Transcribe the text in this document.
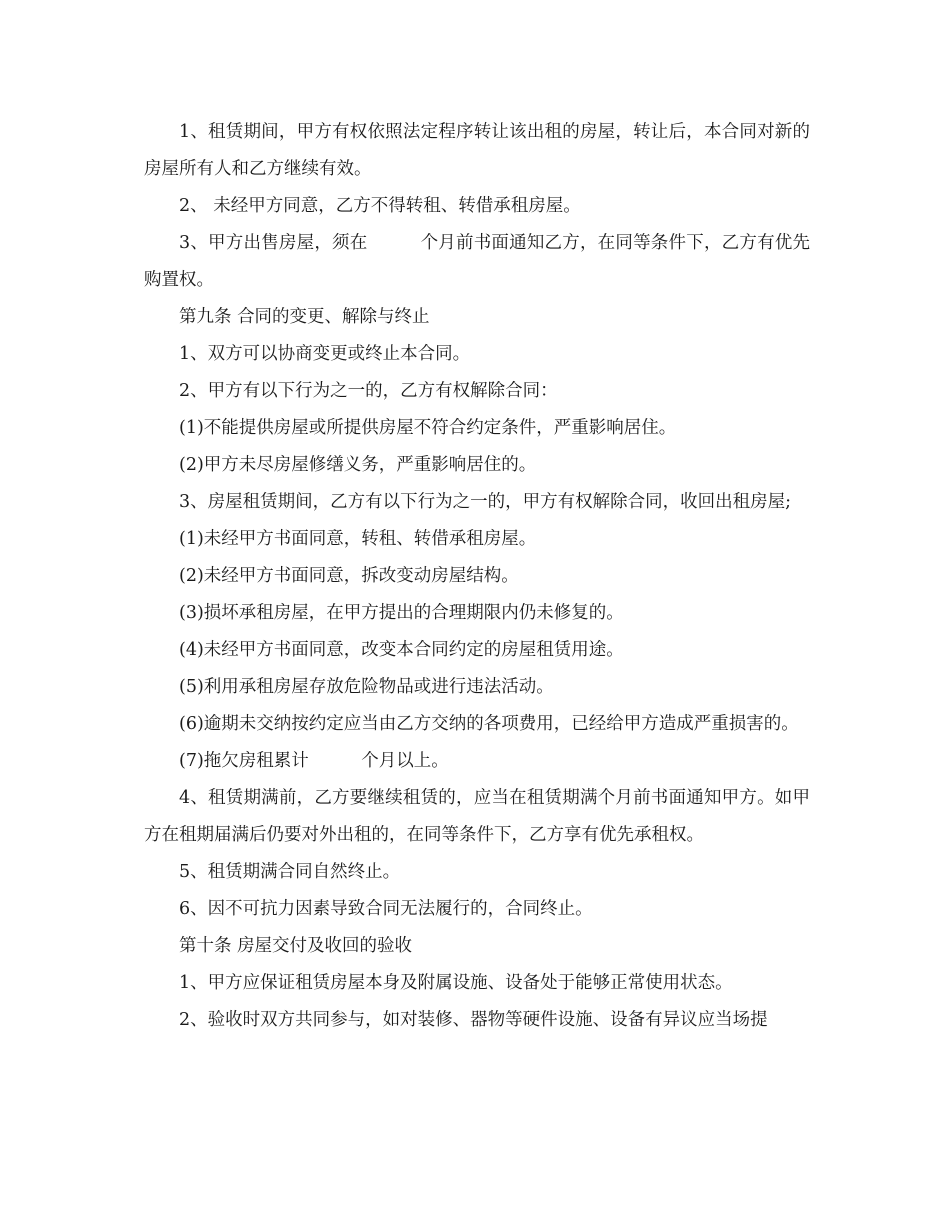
1、租赁期间，甲方有权依照法定程序转让该出租的房屋，转让后，本合同对新的房屋所有人和乙方继续有效。

2、 未经甲方同意，乙方不得转租、转借承租房屋。

3、甲方出售房屋，须在　　　个月前书面通知乙方，在同等条件下，乙方有优先购置权。

第九条 合同的变更、解除与终止

1、双方可以协商变更或终止本合同。

2、甲方有以下行为之一的，乙方有权解除合同：

(1)不能提供房屋或所提供房屋不符合约定条件，严重影响居住。

(2)甲方未尽房屋修缮义务，严重影响居住的。

3、房屋租赁期间，乙方有以下行为之一的，甲方有权解除合同，收回出租房屋;

(1)未经甲方书面同意，转租、转借承租房屋。

(2)未经甲方书面同意，拆改变动房屋结构。

(3)损坏承租房屋，在甲方提出的合理期限内仍未修复的。

(4)未经甲方书面同意，改变本合同约定的房屋租赁用途。

(5)利用承租房屋存放危险物品或进行违法活动。

(6)逾期未交纳按约定应当由乙方交纳的各项费用，已经给甲方造成严重损害的。

(7)拖欠房租累计　　　个月以上。

4、租赁期满前，乙方要继续租赁的，应当在租赁期满个月前书面通知甲方。如甲方在租期届满后仍要对外出租的，在同等条件下，乙方享有优先承租权。

5、租赁期满合同自然终止。

6、因不可抗力因素导致合同无法履行的，合同终止。

第十条 房屋交付及收回的验收

1、甲方应保证租赁房屋本身及附属设施、设备处于能够正常使用状态。

2、验收时双方共同参与，如对装修、器物等硬件设施、设备有异议应当场提
